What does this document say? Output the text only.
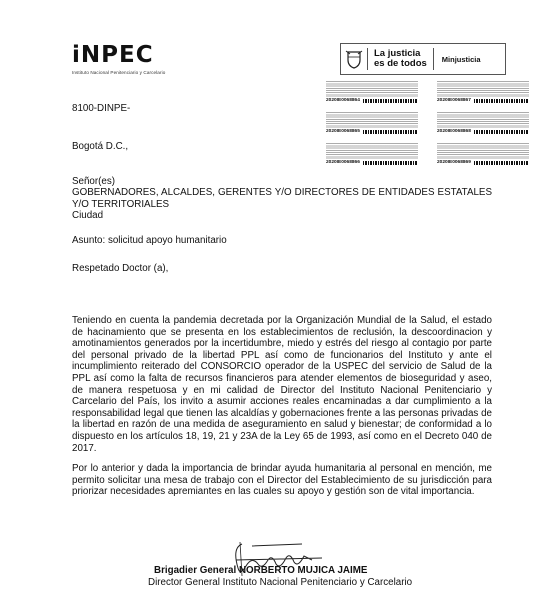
iNPEC
Instituto Nacional Penitenciario y Carcelario
La justicia
es de todos	Minjusticia
2020IE0068864	2020IE0068867
2020IE0068865	2020IE0068868
2020IE0068866	2020IE0068869
8100-DINPE-
Bogotá D.C.,
Señor(es)
GOBERNADORES, ALCALDES, GERENTES Y/O DIRECTORES DE ENTIDADES ESTATALES Y/O TERRITORIALES
Ciudad
Asunto: solicitud apoyo humanitario
Respetado Doctor (a),
Teniendo en cuenta la pandemia decretada por la Organización Mundial de la Salud, el estado de hacinamiento que se presenta en los establecimientos de reclusión, la descoordinacion y amotinamientos generados por la incertidumbre, miedo y estrés del riesgo al contagio por parte del personal privado de la libertad PPL así como de funcionarios del Instituto y ante el incumplimiento reiterado del CONSORCIO operador de la USPEC del servicio de Salud de la PPL así como la falta de recursos financieros para atender elementos de bioseguridad y aseo, de manera respetuosa y en mi calidad de Director del Instituto Nacional Penitenciario y Carcelario del País, los invito a asumir acciones reales encaminadas a dar cumplimiento a la responsabilidad legal que tienen las alcaldías y gobernaciones frente a las personas privadas de la libertad en razón de una medida de aseguramiento en salud y bienestar; de conformidad a lo dispuesto en los artículos 18, 19, 21 y 23A de la Ley 65 de 1993, así como en el Decreto 040 de 2017.
Por lo anterior y dada la importancia de brindar ayuda humanitaria al personal en mención, me permito solicitar una mesa de trabajo con el Director del Establecimiento de su jurisdicción para priorizar necesidades apremiantes en las cuales su apoyo y gestión son de vital importancia.
Brigadier General NORBERTO MUJICA JAIME
Director General Instituto Nacional Penitenciario y Carcelario
